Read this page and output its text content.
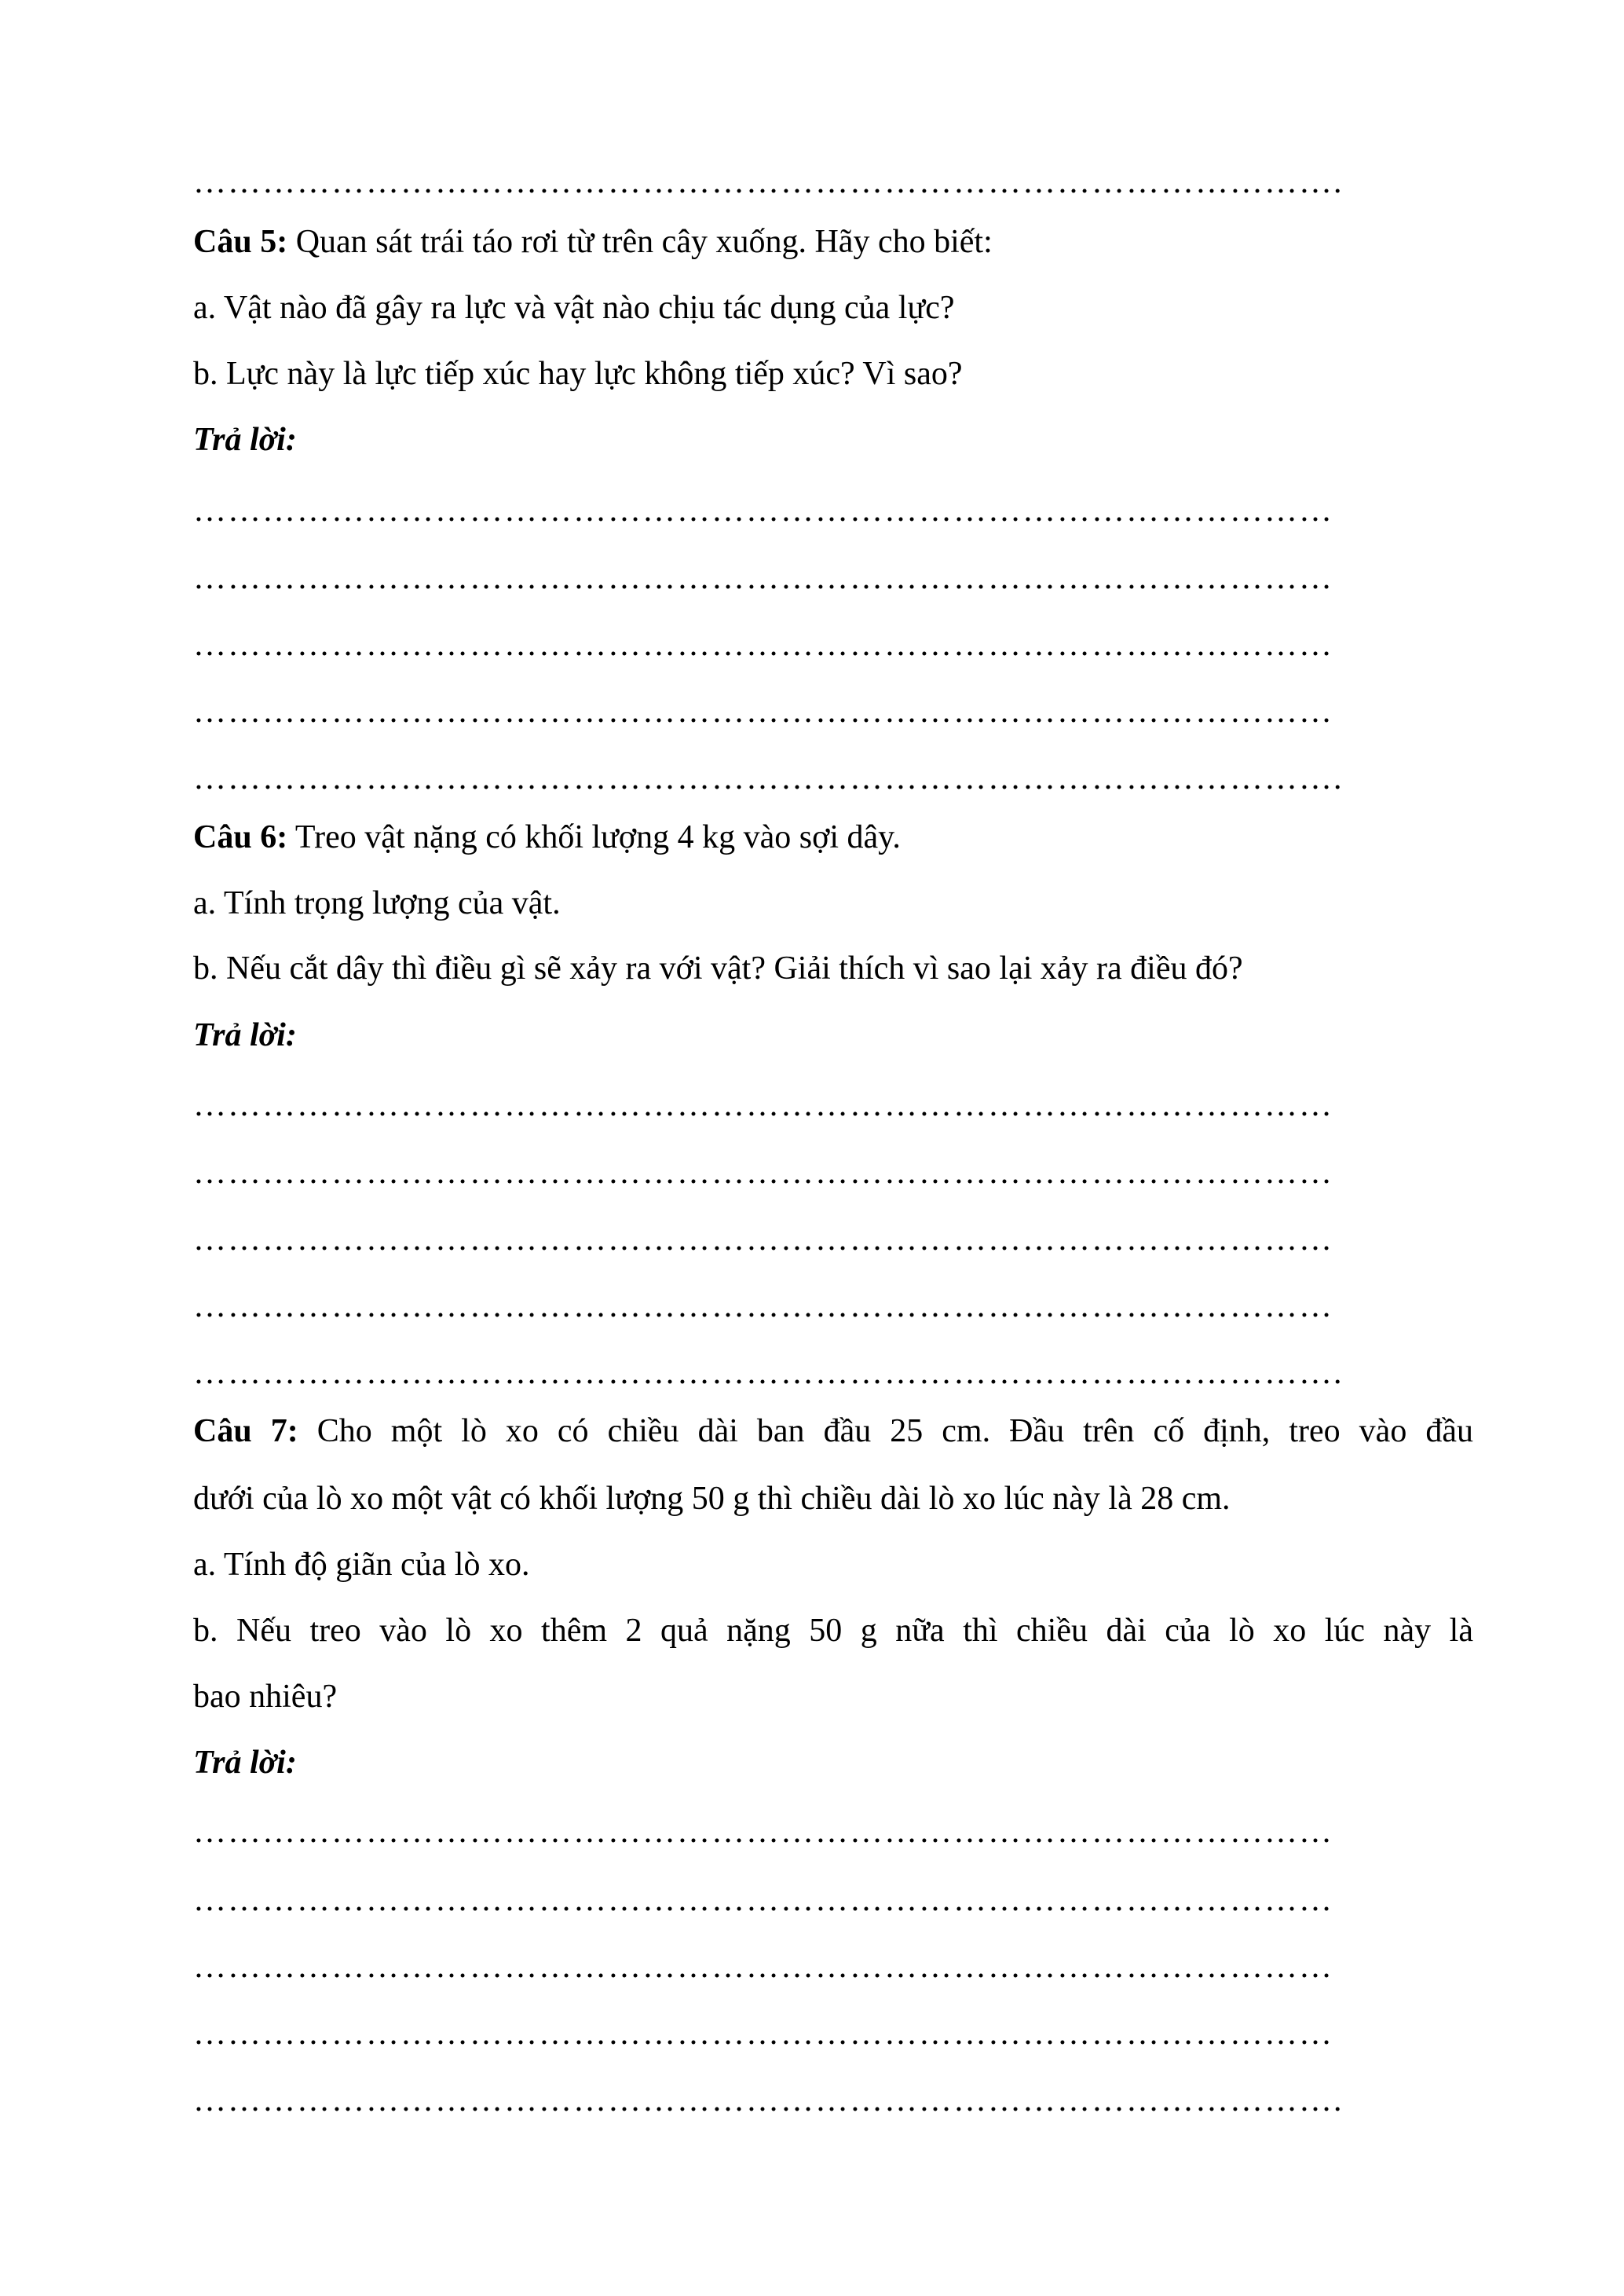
……………………………………………………………………………………….
Câu 5: Quan sát trái táo rơi từ trên cây xuống. Hãy cho biết:
a. Vật nào đã gây ra lực và vật nào chịu tác dụng của lực?
b. Lực này là lực tiếp xúc hay lực không tiếp xúc? Vì sao?
Trả lời:
………………………………………………………………………………………
………………………………………………………………………………………
………………………………………………………………………………………
………………………………………………………………………………………
……………………………………………………………………………………….
Câu 6: Treo vật nặng có khối lượng 4 kg vào sợi dây.
a. Tính trọng lượng của vật.
b. Nếu cắt dây thì điều gì sẽ xảy ra với vật? Giải thích vì sao lại xảy ra điều đó?
Trả lời:
………………………………………………………………………………………
………………………………………………………………………………………
………………………………………………………………………………………
………………………………………………………………………………………
……………………………………………………………………………………….
Câu 7: Cho một lò xo có chiều dài ban đầu 25 cm. Đầu trên cố định, treo vào đầu
dưới của lò xo một vật có khối lượng 50 g thì chiều dài lò xo lúc này là 28 cm.
a. Tính độ giãn của lò xo.
b. Nếu treo vào lò xo thêm 2 quả nặng 50 g nữa thì chiều dài của lò xo lúc này là
bao nhiêu?
Trả lời:
………………………………………………………………………………………
………………………………………………………………………………………
………………………………………………………………………………………
………………………………………………………………………………………
……………………………………………………………………………………….
